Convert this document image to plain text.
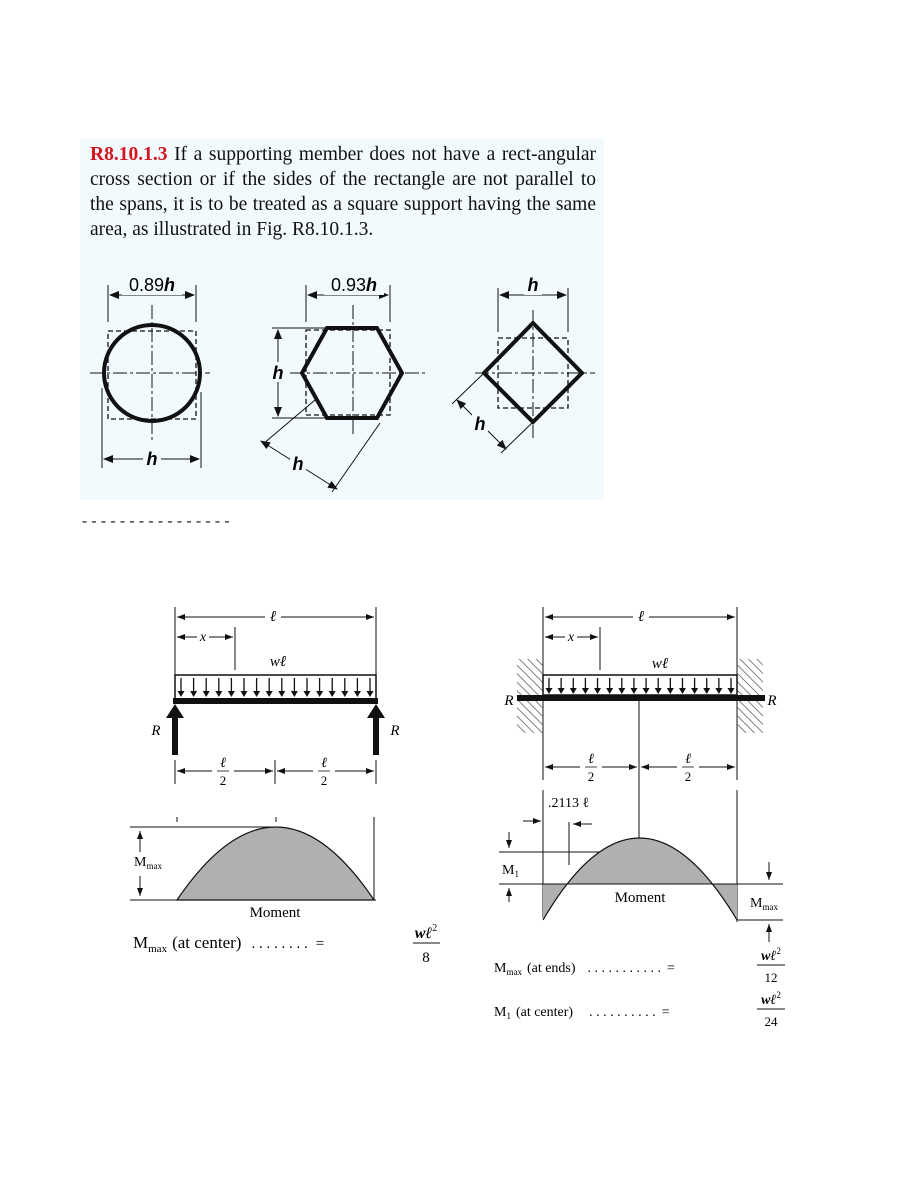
R8.10.1.3 If a supporting member does not have a rect-angular cross section or if the sides of the rectangle are not parallel to the spans, it is to be treated as a square support having the same area, as illustrated in Fig. R8.10.1.3.

0.89h
h
0.93h
h
h
h
h
----------------
ℓ
x
wℓ
R	R
ℓ
2
ℓ
2
$M_{max}$
Moment
$M_{max}$ (at center) . . . . . . . . =
wℓ$^2$
8
ℓ
x
wℓ
R	R
ℓ
2
ℓ
2
.2113 ℓ
$M_1$
$M_{max}$
Moment
$M_{max}$ (at ends) . . . . . . . . . . . =
wℓ$^2$
12
$M_1$ (at center) . . . . . . . . . . =
wℓ$^2$
24
